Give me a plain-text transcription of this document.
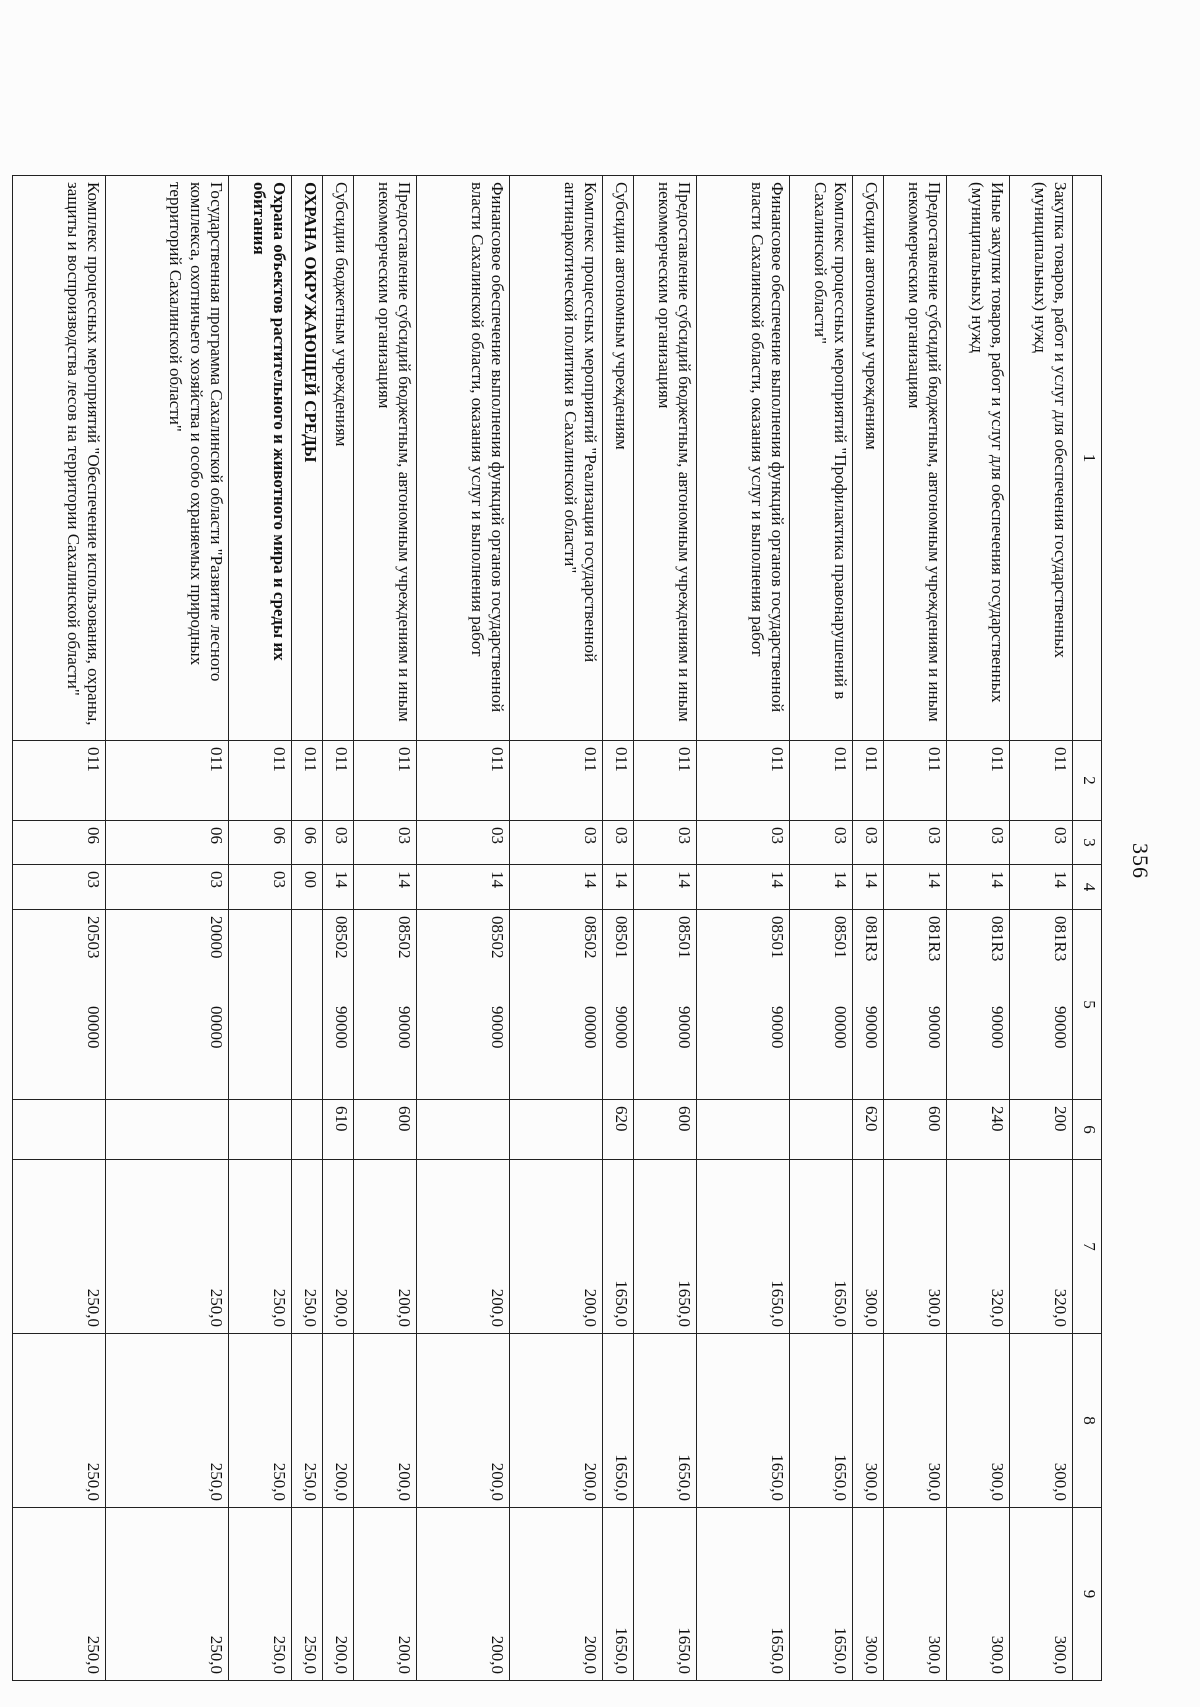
356
1	2	3	4	5	6	7	8	9
Закупка товаров, работ и услуг для обеспечения государственных (муниципальных) нужд	011	03	14	081R390000	200	320,0	300,0	300,0
Иные закупки товаров, работ и услуг для обеспечения государственных (муниципальных) нужд	011	03	14	081R390000	240	320,0	300,0	300,0
Предоставление субсидий бюджетным, автономным учреждениям и иным некоммерческим организациям	011	03	14	081R390000	600	300,0	300,0	300,0
Субсидии автономным учреждениям	011	03	14	081R390000	620	300,0	300,0	300,0
Комплекс процессных мероприятий "Профилактика правонарушений в Сахалинской области"	011	03	14	0850100000		1650,0	1650,0	1650,0
Финансовое обеспечение выполнения функций органов государственной власти Сахалинской области, оказания услуг и выполнения работ	011	03	14	0850190000		1650,0	1650,0	1650,0
Предоставление субсидий бюджетным, автономным учреждениям и иным некоммерческим организациям	011	03	14	0850190000	600	1650,0	1650,0	1650,0
Субсидии автономным учреждениям	011	03	14	0850190000	620	1650,0	1650,0	1650,0
Комплекс процессных мероприятий "Реализация государственной антинаркотической политики в Сахалинской области"	011	03	14	0850200000		200,0	200,0	200,0
Финансовое обеспечение выполнения функций органов государственной власти Сахалинской области, оказания услуг и выполнения работ	011	03	14	0850290000		200,0	200,0	200,0
Предоставление субсидий бюджетным, автономным учреждениям и иным некоммерческим организациям	011	03	14	0850290000	600	200,0	200,0	200,0
Субсидии бюджетным учреждениям	011	03	14	0850290000	610	200,0	200,0	200,0
ОХРАНА ОКРУЖАЮЩЕЙ СРЕДЫ	011	06	00			250,0	250,0	250,0
Охрана объектов растительного и животного мира и среды их обитания	011	06	03			250,0	250,0	250,0
Государственная программа Сахалинской области "Развитие лесного комплекса, охотничьего хозяйства и особо охраняемых природных территорий Сахалинской области"	011	06	03	2000000000		250,0	250,0	250,0
Комплекс процессных мероприятий "Обеспечение использования, охраны, защиты и воспроизводства лесов на территории Сахалинской области"	011	06	03	2050300000		250,0	250,0	250,0
